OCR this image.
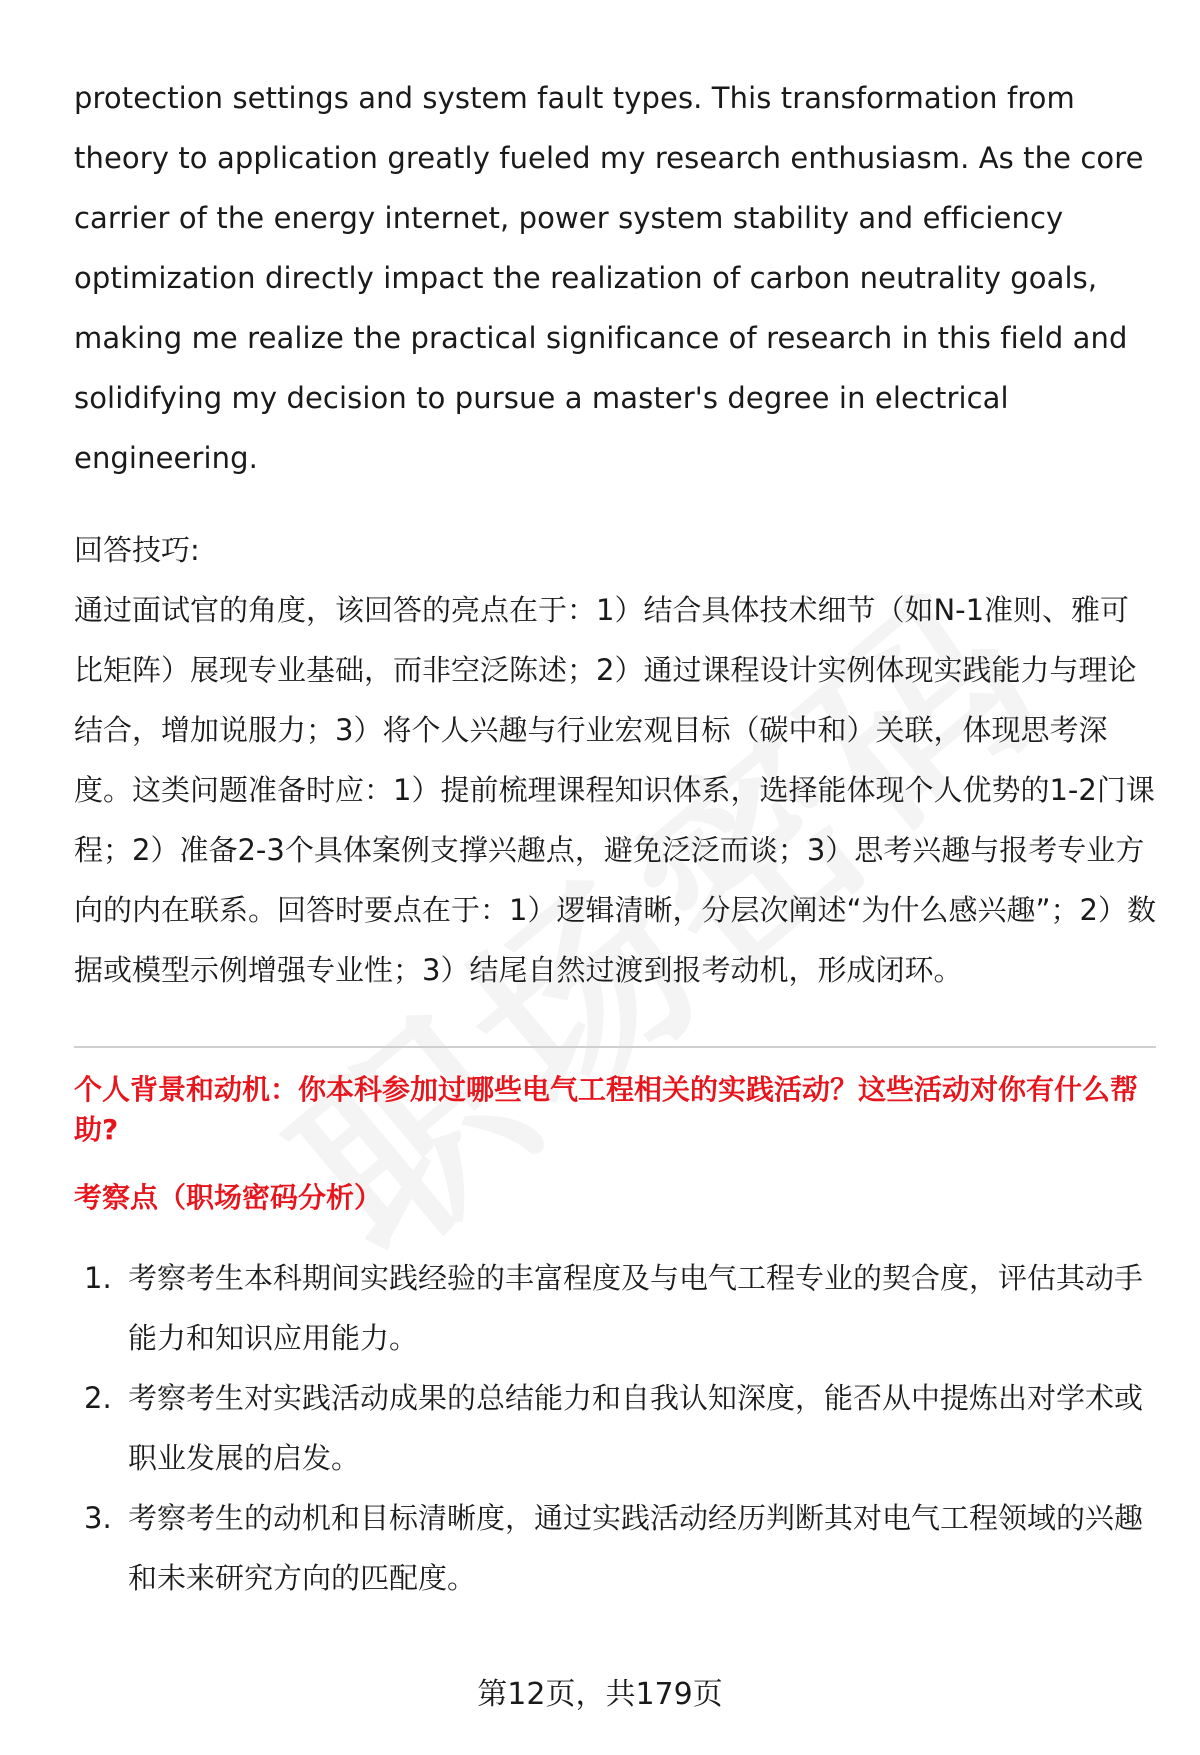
protection settings and system fault types. This transformation from theory to application greatly fueled my research enthusiasm. As the core carrier of the energy internet, power system stability and efficiency optimization directly impact the realization of carbon neutrality goals, making me realize the practical significance of research in this field and solidifying my decision to pursue a master's degree in electrical engineering.

回答技巧:

通过面试官的角度，该回答的亮点在于：1）结合具体技术细节（如N-1准则、雅可比矩阵）展现专业基础，而非空泛陈述；2）通过课程设计实例体现实践能力与理论结合，增加说服力；3）将个人兴趣与行业宏观目标（碳中和）关联，体现思考深度。这类问题准备时应：1）提前梳理课程知识体系，选择能体现个人优势的1-2门课程；2）准备2-3个具体案例支撑兴趣点，避免泛泛而谈；3）思考兴趣与报考专业方向的内在联系。回答时要点在于：1）逻辑清晰，分层次阐述“为什么感兴趣”；2）数据或模型示例增强专业性；3）结尾自然过渡到报考动机，形成闭环。

个人背景和动机：你本科参加过哪些电气工程相关的实践活动？这些活动对你有什么帮助?

考察点（职场密码分析）

1. 考察考生本科期间实践经验的丰富程度及与电气工程专业的契合度，评估其动手能力和知识应用能力。
2. 考察考生对实践活动成果的总结能力和自我认知深度，能否从中提炼出对学术或职业发展的启发。
3. 考察考生的动机和目标清晰度，通过实践活动经历判断其对电气工程领域的兴趣和未来研究方向的匹配度。
第12页，共179页
